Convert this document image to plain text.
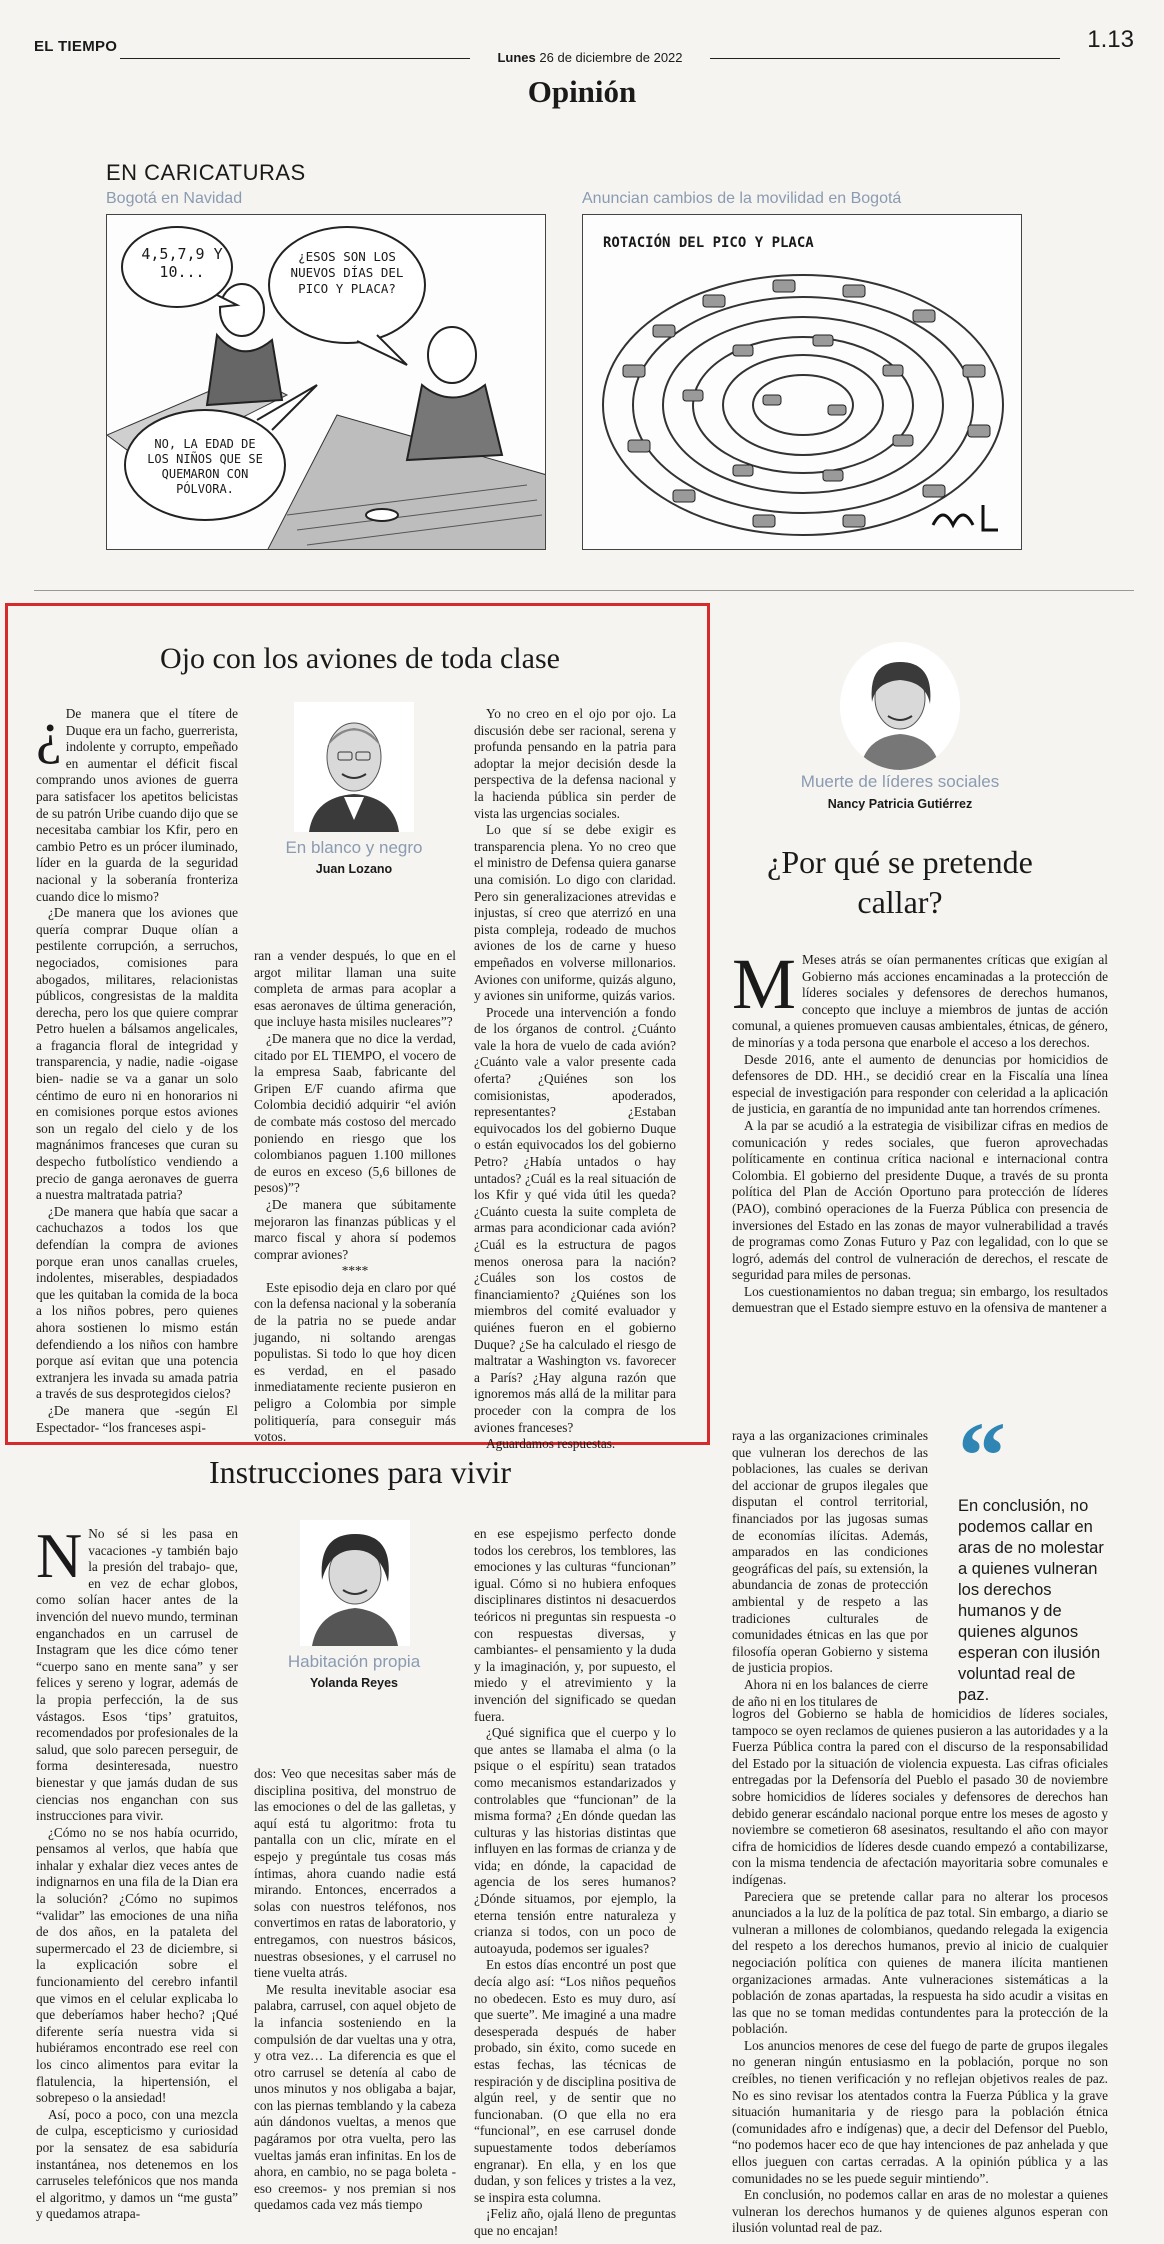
EL TIEMPO
Lunes 26 de diciembre de 2022
1.13
Opinión
EN CARICATURAS
Bogotá en Navidad	Anuncian cambios de la movilidad en Bogotá
4,5,7,9 Y 10...
¿ESOS SON LOS NUEVOS DÍAS DEL PICO Y PLACA?
NO, LA EDAD DE LOS NIÑOS QUE SE QUEMARON CON PÓLVORA.
ROTACIÓN DEL PICO Y PLACA
Ojo con los aviones de toda clase
¿ De manera que el títere de Duque era un facho, guerrerista, indolente y corrupto, empeñado en aumentar el déficit fiscal comprando unos aviones de guerra para satisfacer los apetitos belicistas de su patrón Uribe cuando dijo que se necesitaba cambiar los Kfir, pero en cambio Petro es un prócer iluminado, líder en la guarda de la seguridad nacional y la soberanía fronteriza cuando dice lo mismo?

¿De manera que los aviones que quería comprar Duque olían a pestilente corrupción, a serruchos, negociados, comisiones para abogados, militares, relacionistas públicos, congresistas de la maldita derecha, pero los que quiere comprar Petro huelen a bálsamos angelicales, a fragancia floral de integridad y transparencia, y nadie, nadie -oigase bien- nadie se va a ganar un solo céntimo de euro ni en honorarios ni en comisiones porque estos aviones son un regalo del cielo y de los magnánimos franceses que curan su despecho futbolístico vendiendo a precio de ganga aeronaves de guerra a nuestra maltratada patria?

¿De manera que había que sacar a cachuchazos a todos los que defendían la compra de aviones porque eran unos canallas crueles, indolentes, miserables, despiadados que les quitaban la comida de la boca a los niños pobres, pero quienes ahora sostienen lo mismo están defendiendo a los niños con hambre porque así evitan que una potencia extranjera les invada su amada patria a través de sus desprotegidos cielos?

¿De manera que -según El Espectador- “los franceses aspi-

En blanco y negro
Juan Lozano

ran a vender después, lo que en el argot militar llaman una suite completa de armas para acoplar a esas aeronaves de última generación, que incluye hasta misiles nucleares”?

¿De manera que no dice la verdad, citado por EL TIEMPO, el vocero de la empresa Saab, fabricante del Gripen E/F cuando afirma que Colombia decidió adquirir “el avión de combate más costoso del mercado poniendo en riesgo que los colombianos paguen 1.100 millones de euros en exceso (5,6 billones de pesos)”?

¿De manera que súbitamente mejoraron las finanzas públicas y el marco fiscal y ahora sí podemos comprar aviones?

****

Este episodio deja en claro por qué con la defensa nacional y la soberanía de la patria no se puede andar jugando, ni soltando arengas populistas. Si todo lo que hoy dicen es verdad, en el pasado inmediatamente reciente pusieron en peligro a Colombia por simple politiquería, para conseguir más votos.

Yo no creo en el ojo por ojo. La discusión debe ser racional, serena y profunda pensando en la patria para adoptar la mejor decisión desde la perspectiva de la defensa nacional y la hacienda pública sin perder de vista las urgencias sociales.

Lo que sí se debe exigir es transparencia plena. Yo no creo que el ministro de Defensa quiera ganarse una comisión. Lo digo con claridad. Pero sin generalizaciones atrevidas e injustas, sí creo que aterrizó en una pista compleja, rodeado de muchos aviones de los de carne y hueso empeñados en volverse millonarios. Aviones con uniforme, quizás alguno, y aviones sin uniforme, quizás varios.

Procede una intervención a fondo de los órganos de control. ¿Cuánto vale la hora de vuelo de cada avión? ¿Cuánto vale a valor presente cada oferta? ¿Quiénes son los comisionistas, apoderados, representantes? ¿Estaban equivocados los del gobierno Duque o están equivocados los del gobierno Petro? ¿Había untados o hay untados? ¿Cuál es la real situación de los Kfir y qué vida útil les queda? ¿Cuánto cuesta la suite completa de armas para acondicionar cada avión? ¿Cuál es la estructura de pagos menos onerosa para la nación? ¿Cuáles son los costos de financiamiento? ¿Quiénes son los miembros del comité evaluador y quiénes fueron en el gobierno Duque? ¿Se ha calculado el riesgo de maltratar a Washington vs. favorecer a París? ¿Hay alguna razón que ignoremos más allá de la militar para proceder con la compra de los aviones franceses?

Aguardamos respuestas.

Muerte de líderes sociales
Nancy Patricia Gutiérrez
¿Por qué se pretende callar?
M Meses atrás se oían permanentes críticas que exigían al Gobierno más acciones encaminadas a la protección de líderes sociales y defensores de derechos humanos, concepto que incluye a miembros de juntas de acción comunal, a quienes promueven causas ambientales, étnicas, de género, de minorías y a toda persona que enarbole el acceso a los derechos.

Desde 2016, ante el aumento de denuncias por homicidios de defensores de DD. HH., se decidió crear en la Fiscalía una línea especial de investigación para responder con celeridad a la aplicación de justicia, en garantía de no impunidad ante tan horrendos crímenes.

A la par se acudió a la estrategia de visibilizar cifras en medios de comunicación y redes sociales, que fueron aprovechadas políticamente en continua crítica nacional e internacional contra Colombia. El gobierno del presidente Duque, a través de su pronta política del Plan de Acción Oportuno para protección de líderes (PAO), combinó operaciones de la Fuerza Pública con presencia de inversiones del Estado en las zonas de mayor vulnerabilidad a través de programas como Zonas Futuro y Paz con legalidad, con lo que se logró, además del control de vulneración de derechos, el rescate de seguridad para miles de personas.

Los cuestionamientos no daban tregua; sin embargo, los resultados demuestran que el Estado siempre estuvo en la ofensiva de mantener a

raya a las organizaciones criminales que vulneran los derechos de las poblaciones, las cuales se derivan del accionar de grupos ilegales que disputan el control territorial, financiados por las jugosas sumas de economías ilícitas. Además, amparados en las condiciones geográficas del país, su extensión, la abundancia de zonas de protección ambiental y de respeto a las tradiciones culturales de comunidades étnicas en las que por filosofía operan Gobierno y sistema de justicia propios.

Ahora ni en los balances de cierre de año ni en los titulares de

“
En conclusión, no podemos callar en aras de no molestar a quienes vulneran los derechos humanos y de quienes algunos esperan con ilusión voluntad real de paz.

logros del Gobierno se habla de homicidios de líderes sociales, tampoco se oyen reclamos de quienes pusieron a las autoridades y a la Fuerza Pública contra la pared con el discurso de la responsabilidad del Estado por la situación de violencia expuesta. Las cifras oficiales entregadas por la Defensoría del Pueblo el pasado 30 de noviembre sobre homicidios de líderes sociales y defensores de derechos han debido generar escándalo nacional porque entre los meses de agosto y noviembre se cometieron 68 asesinatos, resultando el año con mayor cifra de homicidios de líderes desde cuando empezó a contabilizarse, con la misma tendencia de afectación mayoritaria sobre comunales e indígenas.

Pareciera que se pretende callar para no alterar los procesos anunciados a la luz de la política de paz total. Sin embargo, a diario se vulneran a millones de colombianos, quedando relegada la exigencia del respeto a los derechos humanos, previo al inicio de cualquier negociación política con quienes de manera ilícita mantienen organizaciones armadas. Ante vulneraciones sistemáticas a la población de zonas apartadas, la respuesta ha sido acudir a visitas en las que no se toman medidas contundentes para la protección de la población.

Los anuncios menores de cese del fuego de parte de grupos ilegales no generan ningún entusiasmo en la población, porque no son creíbles, no tienen verificación y no reflejan objetivos reales de paz. No es sino revisar los atentados contra la Fuerza Pública y la grave situación humanitaria y de riesgo para la población étnica (comunidades afro e indígenas) que, a decir del Defensor del Pueblo, “no podemos hacer eco de que hay intenciones de paz anhelada y que ellos jueguen con cartas cerradas. A la opinión pública y a las comunidades no se les puede seguir mintiendo”.

En conclusión, no podemos callar en aras de no molestar a quienes vulneran los derechos humanos y de quienes algunos esperan con ilusión voluntad real de paz.

Instrucciones para vivir
N No sé si les pasa en vacaciones -y también bajo la presión del trabajo- que, en vez de echar globos, como solían hacer antes de la invención del nuevo mundo, terminan enganchados en un carrusel de Instagram que les dice cómo tener “cuerpo sano en mente sana” y ser felices y sereno y lograr, además de la propia perfección, la de sus vástagos. Esos ‘tips’ gratuitos, recomendados por profesionales de la salud, que solo parecen perseguir, de forma desinteresada, nuestro bienestar y que jamás dudan de sus ciencias nos enganchan con sus instrucciones para vivir.

¿Cómo no se nos había ocurrido, pensamos al verlos, que había que inhalar y exhalar diez veces antes de indignarnos en una fila de la Dian era la solución? ¿Cómo no supimos “validar” las emociones de una niña de dos años, en la pataleta del supermercado el 23 de diciembre, si la explicación sobre el funcionamiento del cerebro infantil que vimos en el celular explicaba lo que deberíamos haber hecho? ¡Qué diferente sería nuestra vida si hubiéramos encontrado ese reel con los cinco alimentos para evitar la flatulencia, la hipertensión, el sobrepeso o la ansiedad!

Así, poco a poco, con una mezcla de culpa, escepticismo y curiosidad por la sensatez de esa sabiduría instantánea, nos detenemos en los carruseles telefónicos que nos manda el algoritmo, y damos un “me gusta” y quedamos atrapa-

Habitación propia
Yolanda Reyes

dos: Veo que necesitas saber más de disciplina positiva, del monstruo de las emociones o del de las galletas, y aquí está tu algoritmo: frota tu pantalla con un clic, mírate en el espejo y pregúntale tus cosas más íntimas, ahora cuando nadie está mirando. Entonces, encerrados a solas con nuestros teléfonos, nos convertimos en ratas de laboratorio, y entregamos, con nuestros básicos, nuestras obsesiones, y el carrusel no tiene vuelta atrás.

Me resulta inevitable asociar esa palabra, carrusel, con aquel objeto de la infancia sosteniendo en la compulsión de dar vueltas una y otra, y otra vez… La diferencia es que el otro carrusel se detenía al cabo de unos minutos y nos obligaba a bajar, con las piernas temblando y la cabeza aún dándonos vueltas, a menos que pagáramos por otra vuelta, pero las vueltas jamás eran infinitas. En los de ahora, en cambio, no se paga boleta -eso creemos- y nos premian si nos quedamos cada vez más tiempo

en ese espejismo perfecto donde todos los cerebros, los temblores, las emociones y las culturas “funcionan” igual. Cómo si no hubiera enfoques disciplinares distintos ni desacuerdos teóricos ni preguntas sin respuesta -o con respuestas diversas, y cambiantes- el pensamiento y la duda y la imaginación, y, por supuesto, el miedo y el atrevimiento y la invención del significado se quedan fuera.

¿Qué significa que el cuerpo y lo que antes se llamaba el alma (o la psique o el espíritu) sean tratados como mecanismos estandarizados y controlables que “funcionan” de la misma forma? ¿En dónde quedan las culturas y las historias distintas que influyen en las formas de crianza y de vida; en dónde, la capacidad de agencia de los seres humanos? ¿Dónde situamos, por ejemplo, la eterna tensión entre naturaleza y crianza si todos, con un poco de autoayuda, podemos ser iguales?

En estos días encontré un post que decía algo así: “Los niños pequeños no obedecen. Esto es muy duro, así que suerte”. Me imaginé a una madre desesperada después de haber probado, sin éxito, como sucede en estas fechas, las técnicas de respiración y de disciplina positiva de algún reel, y de sentir que no funcionaban. (O que ella no era “funcional”, en ese carrusel donde supuestamente todos deberíamos engranar). En ella, y en los que dudan, y son felices y tristes a la vez, se inspira esta columna.

¡Feliz año, ojalá lleno de preguntas que no encajan!
